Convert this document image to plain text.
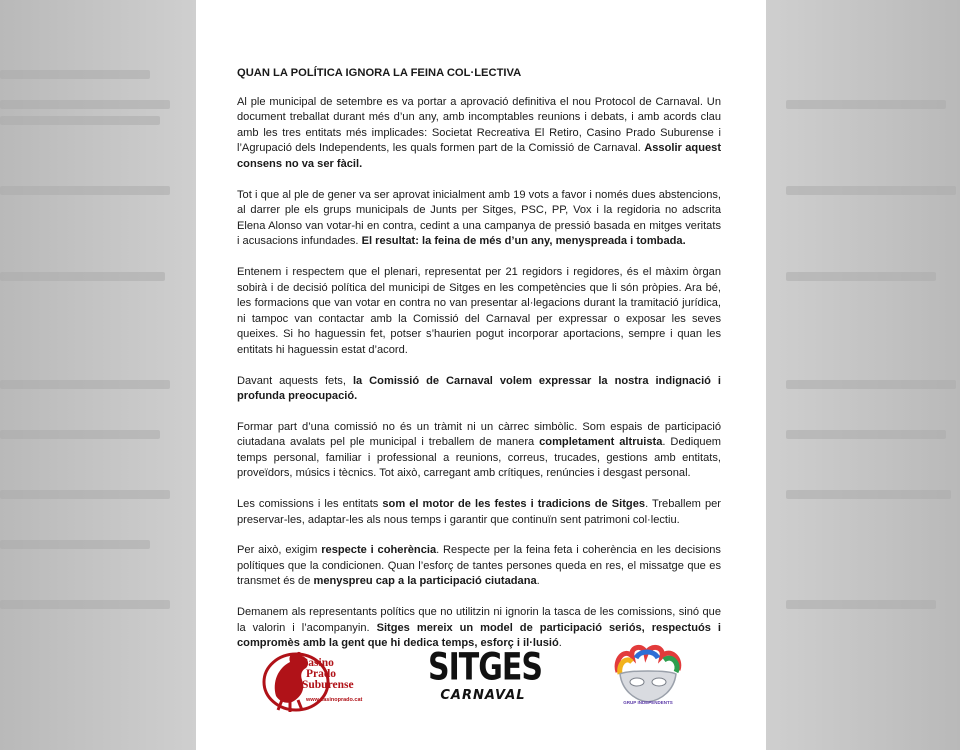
QUAN LA POLÍTICA IGNORA LA FEINA COL·LECTIVA
Al ple municipal de setembre es va portar a aprovació definitiva el nou Protocol de Carnaval. Un document treballat durant més d’un any, amb incomptables reunions i debats, i amb acords clau amb les tres entitats més implicades: Societat Recreativa El Retiro, Casino Prado Suburense i l’Agrupació dels Independents, les quals formen part de la Comissió de Carnaval. Assolir aquest consens no va ser fàcil.
Tot i que al ple de gener va ser aprovat inicialment amb 19 vots a favor i només dues abstencions, al darrer ple els grups municipals de Junts per Sitges, PSC, PP, Vox i la regidoria no adscrita Elena Alonso van votar-hi en contra, cedint a una campanya de pressió basada en mitges veritats i acusacions infundades. El resultat: la feina de més d’un any, menyspreada i tombada.
Entenem i respectem que el plenari, representat per 21 regidors i regidores, és el màxim òrgan sobirà i de decisió política del municipi de Sitges en les competències que li són pròpies. Ara bé, les formacions que van votar en contra no van presentar al·legacions durant la tramitació jurídica, ni tampoc van contactar amb la Comissió del Carnaval per expressar o exposar les seves queixes. Si ho haguessin fet, potser s’haurien pogut incorporar aportacions, sempre i quan les entitats hi haguessin estat d’acord.
Davant aquests fets, la Comissió de Carnaval volem expressar la nostra indignació i profunda preocupació.
Formar part d’una comissió no és un tràmit ni un càrrec simbòlic. Som espais de participació ciutadana avalats pel ple municipal i treballem de manera completament altruista. Dediquem temps personal, familiar i professional a reunions, correus, trucades, gestions amb entitats, proveïdors, músics i tècnics. Tot això, carregant amb crítiques, renúncies i desgast personal.
Les comissions i les entitats som el motor de les festes i tradicions de Sitges. Treballem per preservar-les, adaptar-les als nous temps i garantir que continuïn sent patrimoni col·lectiu.
Per això, exigim respecte i coherència. Respecte per la feina feta i coherència en les decisions polítiques que la condicionen. Quan l’esforç de tantes persones queda en res, el missatge que es transmet és de menyspreu cap a la participació ciutadana.
Demanem als representants polítics que no utilitzin ni ignorin la tasca de les comissions, sinó que la valorin i l’acompanyin. Sitges mereix un model de participació seriós, respectuós i compromès amb la gent que hi dedica temps, esforç i il·lusió.
Casino
Prado
Suburense
www.casinoprado.cat
SITGES
CARNAVAL	GRUP INDEPENDENTS
